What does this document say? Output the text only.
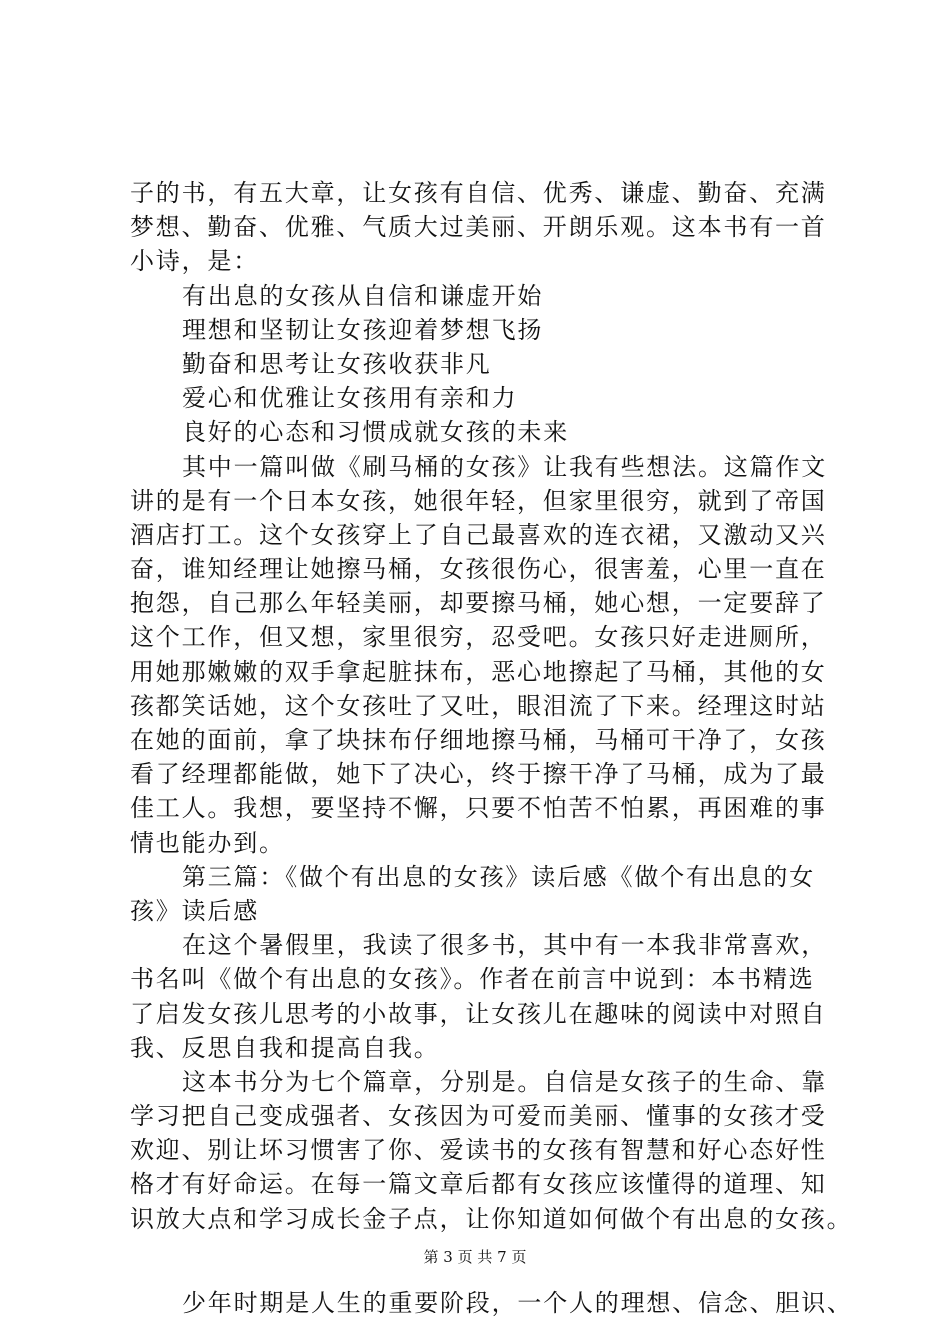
子的书，有五大章，让女孩有自信、优秀、谦虚、勤奋、充满
梦想、勤奋、优雅、气质大过美丽、开朗乐观。这本书有一首
小诗，是：
有出息的女孩从自信和谦虚开始
理想和坚韧让女孩迎着梦想飞扬
勤奋和思考让女孩收获非凡
爱心和优雅让女孩用有亲和力
良好的心态和习惯成就女孩的未来
其中一篇叫做《刷马桶的女孩》让我有些想法。这篇作文
讲的是有一个日本女孩，她很年轻，但家里很穷，就到了帝国
酒店打工。这个女孩穿上了自己最喜欢的连衣裙，又激动又兴
奋，谁知经理让她擦马桶，女孩很伤心，很害羞，心里一直在
抱怨，自己那么年轻美丽，却要擦马桶，她心想，一定要辞了
这个工作，但又想，家里很穷，忍受吧。女孩只好走进厕所，
用她那嫩嫩的双手拿起脏抹布，恶心地擦起了马桶，其他的女
孩都笑话她，这个女孩吐了又吐，眼泪流了下来。经理这时站
在她的面前，拿了块抹布仔细地擦马桶，马桶可干净了，女孩
看了经理都能做，她下了决心，终于擦干净了马桶，成为了最
佳工人。我想，要坚持不懈，只要不怕苦不怕累，再困难的事
情也能办到。
第三篇：《做个有出息的女孩》读后感《做个有出息的女
孩》读后感
在这个暑假里，我读了很多书，其中有一本我非常喜欢，
书名叫《做个有出息的女孩》。作者在前言中说到：本书精选
了启发女孩儿思考的小故事，让女孩儿在趣味的阅读中对照自
我、反思自我和提高自我。
这本书分为七个篇章，分别是。自信是女孩子的生命、靠
学习把自己变成强者、女孩因为可爱而美丽、懂事的女孩才受
欢迎、别让坏习惯害了你、爱读书的女孩有智慧和好心态好性
格才有好命运。在每一篇文章后都有女孩应该懂得的道理、知
识放大点和学习成长金子点，让你知道如何做个有出息的女孩。
少年时期是人生的重要阶段，一个人的理想、信念、胆识、
第 3 页 共 7 页
